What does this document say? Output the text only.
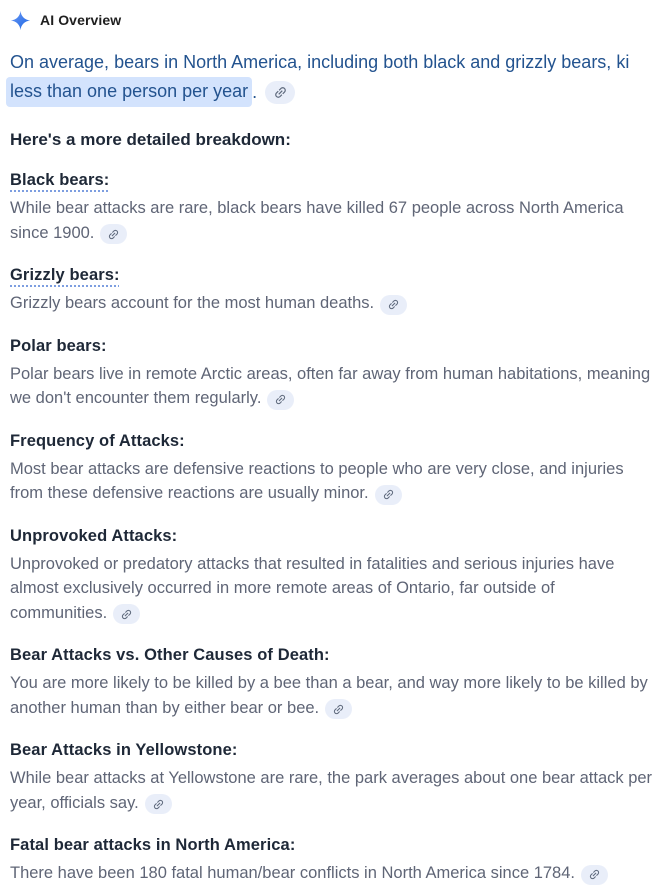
AI Overview
On average, bears in North America, including both black and grizzly bears, ki
less than one person per year .
Here's a more detailed breakdown:
Black bears:

While bear attacks are rare, black bears have killed 67 people across North America since 1900.

Grizzly bears:

Grizzly bears account for the most human deaths.

Polar bears:

Polar bears live in remote Arctic areas, often far away from human habitations, meaning we don't encounter them regularly.

Frequency of Attacks:

Most bear attacks are defensive reactions to people who are very close, and injuries from these defensive reactions are usually minor.

Unprovoked Attacks:

Unprovoked or predatory attacks that resulted in fatalities and serious injuries have almost exclusively occurred in more remote areas of Ontario, far outside of communities.

Bear Attacks vs. Other Causes of Death:

You are more likely to be killed by a bee than a bear, and way more likely to be killed by another human than by either bear or bee.

Bear Attacks in Yellowstone:

While bear attacks at Yellowstone are rare, the park averages about one bear attack per year, officials say.

Fatal bear attacks in North America:

There have been 180 fatal human/bear conflicts in North America since 1784.
